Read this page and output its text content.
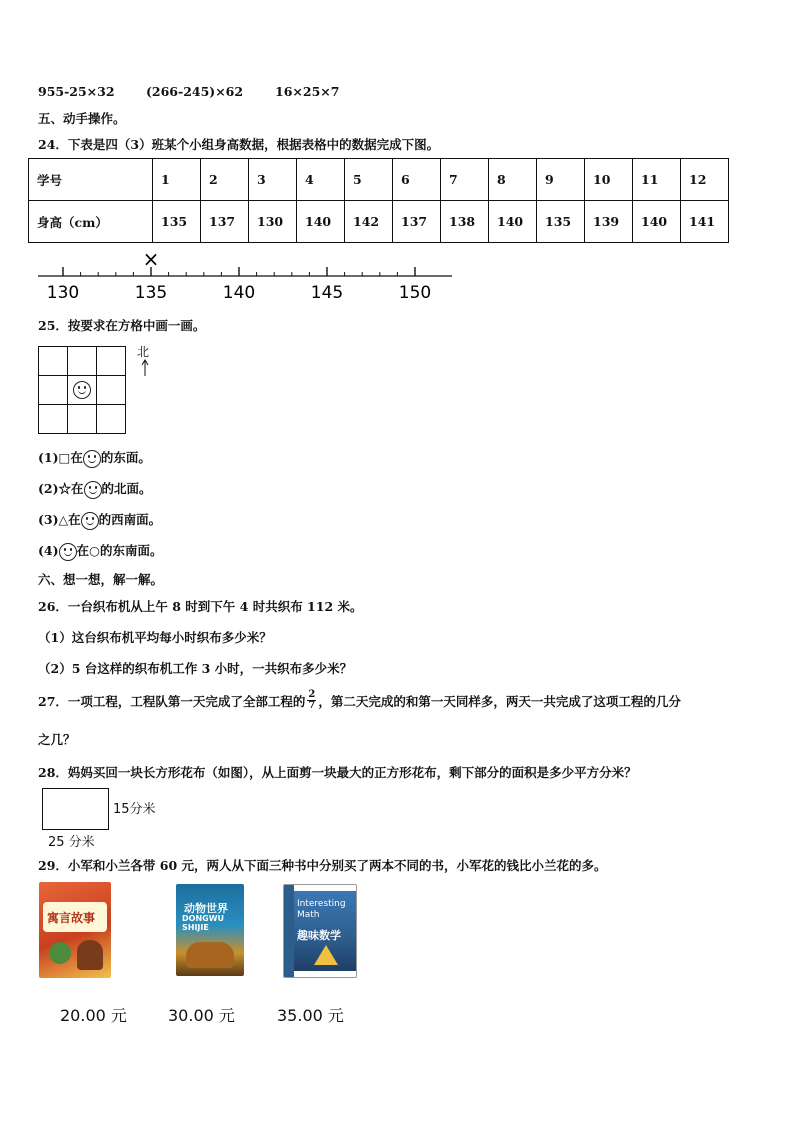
955-25×32	(266-245)×62	16×25×7
五、动手操作。
24．下表是四（3）班某个小组身高数据，根据表格中的数据完成下图。
学号	1	2	3	4	5	6	7	8	9	10	11	12
身高（cm）	135	137	130	140	142	137	138	140	135	139	140	141
×
130	135	140	145	150
25．按要求在方格中画一画。
北
(1)□在 的东面。
(2)☆在 的北面。
(3)△在 的西南面。
(4) 在○的东南面。
六、想一想，解一解。
26．一台织布机从上午 8 时到下午 4 时共织布 112 米。
（1）这台织布机平均每小时织布多少米？
（2）5 台这样的织布机工作 3 小时，一共织布多少米？
27．一项工程，工程队第一天完成了全部工程的 $\frac{2}{7}$ ，第二天完成的和第一天同样多，两天一共完成了这项工程的几分
之几？
28．妈妈买回一块长方形花布（如图），从上面剪一块最大的正方形花布，剩下部分的面积是多少平方分米？
15分米
25 分米
29．小军和小兰各带 60 元，两人从下面三种书中分别买了两本不同的书，小军花的钱比小兰花的多。
寓言故事
动物世界
DONGWU SHIJIE
Interesting Math
趣味数学
20.00 元	30.00 元	35.00 元
